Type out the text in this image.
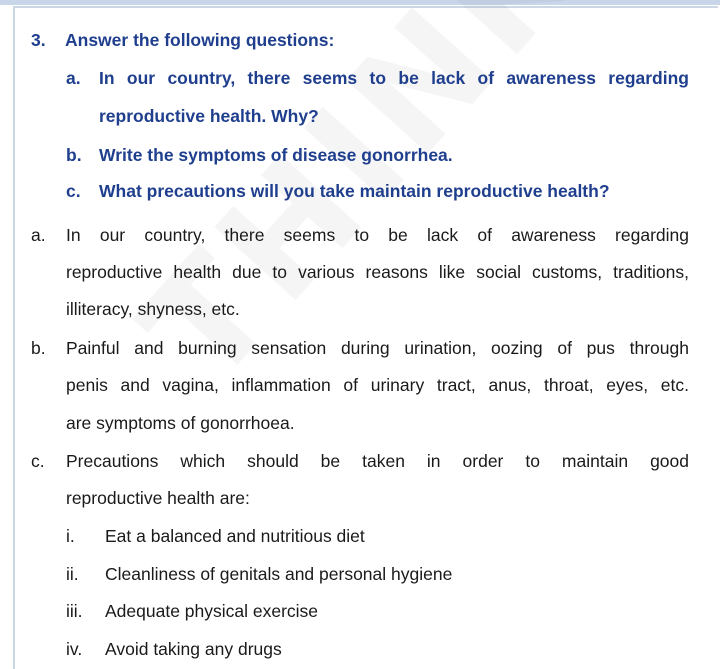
3. Answer the following questions:
a. In our country, there seems to be lack of awareness regarding
reproductive health. Why?
b. Write the symptoms of disease gonorrhea.
c. What precautions will you take maintain reproductive health?
a. In our country, there seems to be lack of awareness regarding
reproductive health due to various reasons like social customs, traditions,
illiteracy, shyness, etc.
b. Painful and burning sensation during urination, oozing of pus through
penis and vagina, inflammation of urinary tract, anus, throat, eyes, etc.
are symptoms of gonorrhoea.
c. Precautions which should be taken in order to maintain good
reproductive health are:
i. Eat a balanced and nutritious diet
ii. Cleanliness of genitals and personal hygiene
iii. Adequate physical exercise
iv. Avoid taking any drugs
